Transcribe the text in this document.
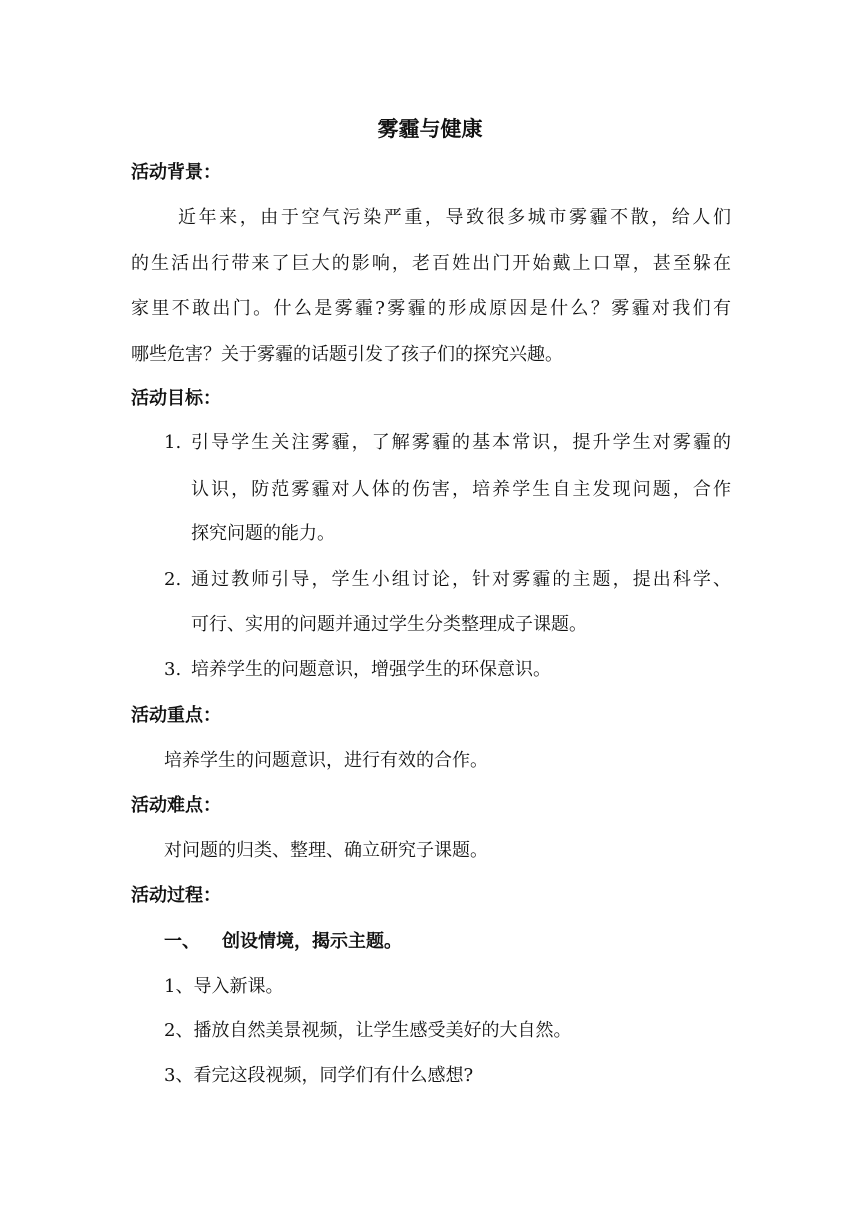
雾霾与健康
活动背景：
近年来，由于空气污染严重，导致很多城市雾霾不散，给人们
的生活出行带来了巨大的影响，老百姓出门开始戴上口罩，甚至躲在
家里不敢出门。什么是雾霾?雾霾的形成原因是什么？雾霾对我们有
哪些危害？关于雾霾的话题引发了孩子们的探究兴趣。
活动目标：
1. 引导学生关注雾霾，了解雾霾的基本常识，提升学生对雾霾的
认识，防范雾霾对人体的伤害，培养学生自主发现问题，合作
探究问题的能力。
2. 通过教师引导，学生小组讨论，针对雾霾的主题，提出科学、
可行、实用的问题并通过学生分类整理成子课题。
3. 培养学生的问题意识，增强学生的环保意识。
活动重点：
培养学生的问题意识，进行有效的合作。
活动难点：
对问题的归类、整理、确立研究子课题。
活动过程：
一、 创设情境，揭示主题。
1、导入新课。
2、播放自然美景视频，让学生感受美好的大自然。
3、看完这段视频，同学们有什么感想?
